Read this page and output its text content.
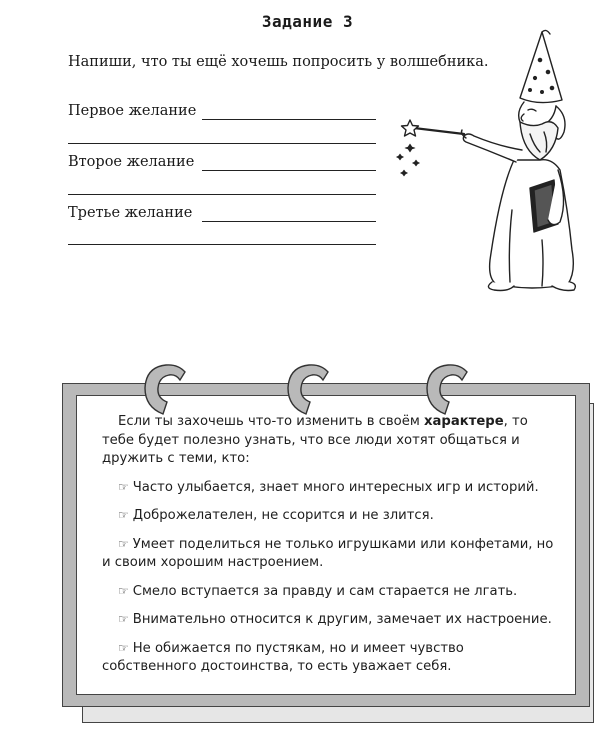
Задание 3
Напиши, что ты ещё хочешь попросить у волшебника.
Первое желание
Второе желание
Третье желание

Если ты захочешь что-то изменить в своём характере, то тебе будет полезно узнать, что все люди хотят общаться и дружить с теми, кто:

☞ Часто улыбается, знает много интересных игр и историй.

☞ Доброжелателен, не ссорится и не злится.

☞ Умеет поделиться не только игрушками или конфетами, но и своим хорошим настроением.

☞ Смело вступается за правду и сам старается не лгать.

☞ Внимательно относится к другим, замечает их настроение.

☞ Не обижается по пустякам, но и имеет чувство собственного достоинства, то есть уважает себя.
